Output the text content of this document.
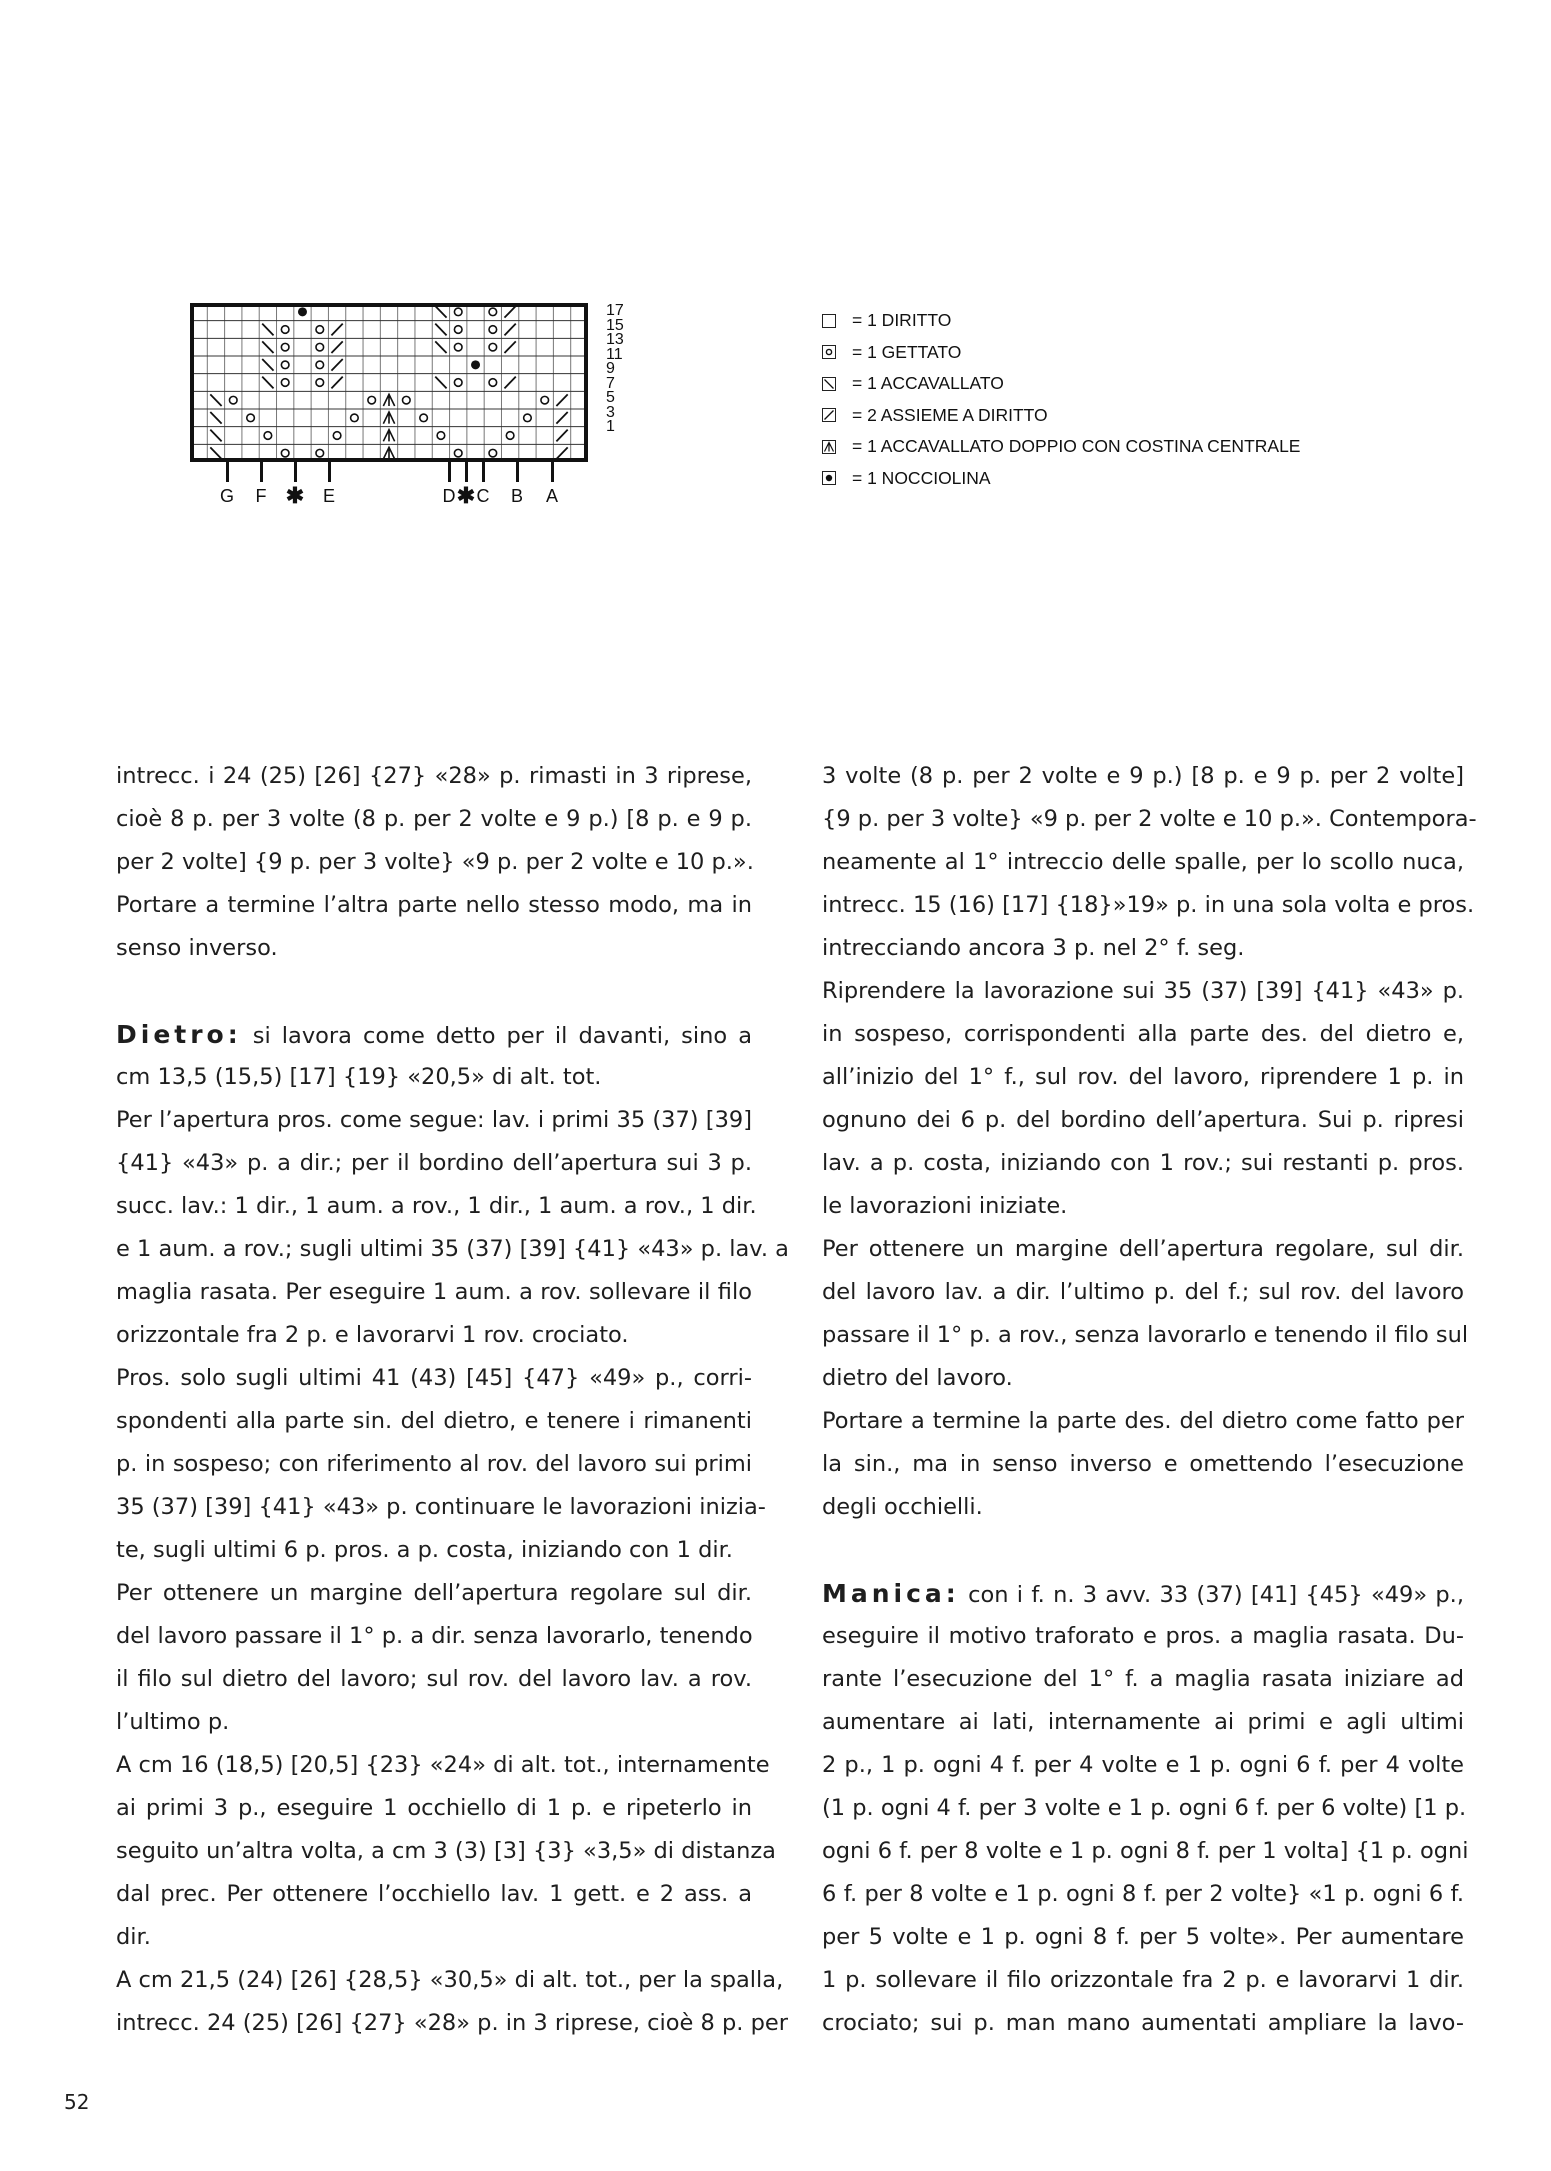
17
15
13
11
9
7
5
3
1
G F ✱ E	D ✱ C B A
= 1 DIRITTO
= 1 GETTATO
= 1 ACCAVALLATO
= 2 ASSIEME A DIRITTO
= 1 ACCAVALLATO DOPPIO CON COSTINA CENTRALE
= 1 NOCCIOLINA
intrecc. i 24 (25) [26] {27} «28» p. rimasti in 3 riprese,
cioè 8 p. per 3 volte (8 p. per 2 volte e 9 p.) [8 p. e 9 p.
per 2 volte] {9 p. per 3 volte} «9 p. per 2 volte e 10 p.».
Portare a termine l’altra parte nello stesso modo, ma in
senso inverso.
Dietro: si lavora come detto per il davanti, sino a
cm 13,5 (15,5) [17] {19} «20,5» di alt. tot.
Per l’apertura pros. come segue: lav. i primi 35 (37) [39]
{41} «43» p. a dir.; per il bordino dell’apertura sui 3 p.
succ. lav.: 1 dir., 1 aum. a rov., 1 dir., 1 aum. a rov., 1 dir.
e 1 aum. a rov.; sugli ultimi 35 (37) [39] {41} «43» p. lav. a
maglia rasata. Per eseguire 1 aum. a rov. sollevare il filo
orizzontale fra 2 p. e lavorarvi 1 rov. crociato.
Pros. solo sugli ultimi 41 (43) [45] {47} «49» p., corri-
spondenti alla parte sin. del dietro, e tenere i rimanenti
p. in sospeso; con riferimento al rov. del lavoro sui primi
35 (37) [39] {41} «43» p. continuare le lavorazioni inizia-
te, sugli ultimi 6 p. pros. a p. costa, iniziando con 1 dir.
Per ottenere un margine dell’apertura regolare sul dir.
del lavoro passare il 1° p. a dir. senza lavorarlo, tenendo
il filo sul dietro del lavoro; sul rov. del lavoro lav. a rov.
l’ultimo p.
A cm 16 (18,5) [20,5] {23} «24» di alt. tot., internamente
ai primi 3 p., eseguire 1 occhiello di 1 p. e ripeterlo in
seguito un’altra volta, a cm 3 (3) [3] {3} «3,5» di distanza
dal prec. Per ottenere l’occhiello lav. 1 gett. e 2 ass. a
dir.
A cm 21,5 (24) [26] {28,5} «30,5» di alt. tot., per la spalla,
intrecc. 24 (25) [26] {27} «28» p. in 3 riprese, cioè 8 p. per
3 volte (8 p. per 2 volte e 9 p.) [8 p. e 9 p. per 2 volte]
{9 p. per 3 volte} «9 p. per 2 volte e 10 p.». Contempora-
neamente al 1° intreccio delle spalle, per lo scollo nuca,
intrecc. 15 (16) [17] {18}»19» p. in una sola volta e pros.
intrecciando ancora 3 p. nel 2° f. seg.
Riprendere la lavorazione sui 35 (37) [39] {41} «43» p.
in sospeso, corrispondenti alla parte des. del dietro e,
all’inizio del 1° f., sul rov. del lavoro, riprendere 1 p. in
ognuno dei 6 p. del bordino dell’apertura. Sui p. ripresi
lav. a p. costa, iniziando con 1 rov.; sui restanti p. pros.
le lavorazioni iniziate.
Per ottenere un margine dell’apertura regolare, sul dir.
del lavoro lav. a dir. l’ultimo p. del f.; sul rov. del lavoro
passare il 1° p. a rov., senza lavorarlo e tenendo il filo sul
dietro del lavoro.
Portare a termine la parte des. del dietro come fatto per
la sin., ma in senso inverso e omettendo l’esecuzione
degli occhielli.
Manica: con i f. n. 3 avv. 33 (37) [41] {45} «49» p.,
eseguire il motivo traforato e pros. a maglia rasata. Du-
rante l’esecuzione del 1° f. a maglia rasata iniziare ad
aumentare ai lati, internamente ai primi e agli ultimi
2 p., 1 p. ogni 4 f. per 4 volte e 1 p. ogni 6 f. per 4 volte
(1 p. ogni 4 f. per 3 volte e 1 p. ogni 6 f. per 6 volte) [1 p.
ogni 6 f. per 8 volte e 1 p. ogni 8 f. per 1 volta] {1 p. ogni
6 f. per 8 volte e 1 p. ogni 8 f. per 2 volte} «1 p. ogni 6 f.
per 5 volte e 1 p. ogni 8 f. per 5 volte». Per aumentare
1 p. sollevare il filo orizzontale fra 2 p. e lavorarvi 1 dir.
crociato; sui p. man mano aumentati ampliare la lavo-
52
